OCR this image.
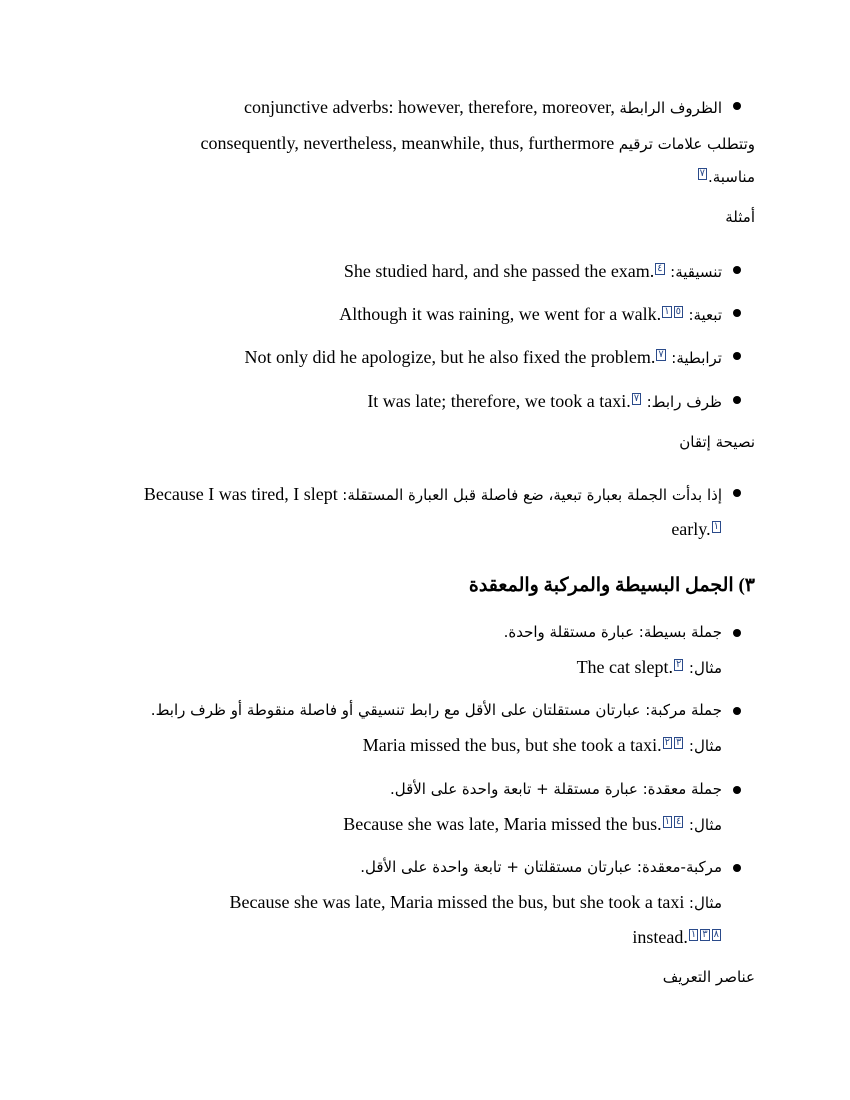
الظروف الرابطة conjunctive adverbs: however, therefore, moreover,
وتتطلب علامات ترقيم consequently, nevertheless, meanwhile, thus, furthermore
مناسبة.$^٧$
أمثلة
تنسيقية: $^٤$She studied hard, and she passed the exam.
تبعية: $^{٥١}$Although it was raining, we went for a walk.
ترابطية: $^٧$Not only did he apologize, but he also fixed the problem.
ظرف رابط: $^٧$It was late; therefore, we took a taxi.
نصيحة إتقان
إذا بدأت الجملة بعبارة تبعية، ضع فاصلة قبل العبارة المستقلة: Because I was tired, I slept
$^١$early.
٣) الجمل البسيطة والمركبة والمعقدة
جملة بسيطة: عبارة مستقلة واحدة.
مثال: $^٢$The cat slept.
جملة مركبة: عبارتان مستقلتان على الأقل مع رابط تنسيقي أو فاصلة منقوطة أو ظرف رابط.
مثال: $^{٣٢}$Maria missed the bus, but she took a taxi.
جملة معقدة: عبارة مستقلة + تابعة واحدة على الأقل.
مثال: $^{٤١}$Because she was late, Maria missed the bus.
مركبة-معقدة: عبارتان مستقلتان + تابعة واحدة على الأقل.
مثال: Because she was late, Maria missed the bus, but she took a taxi
$^{٨٣١}$instead.
عناصر التعريف
